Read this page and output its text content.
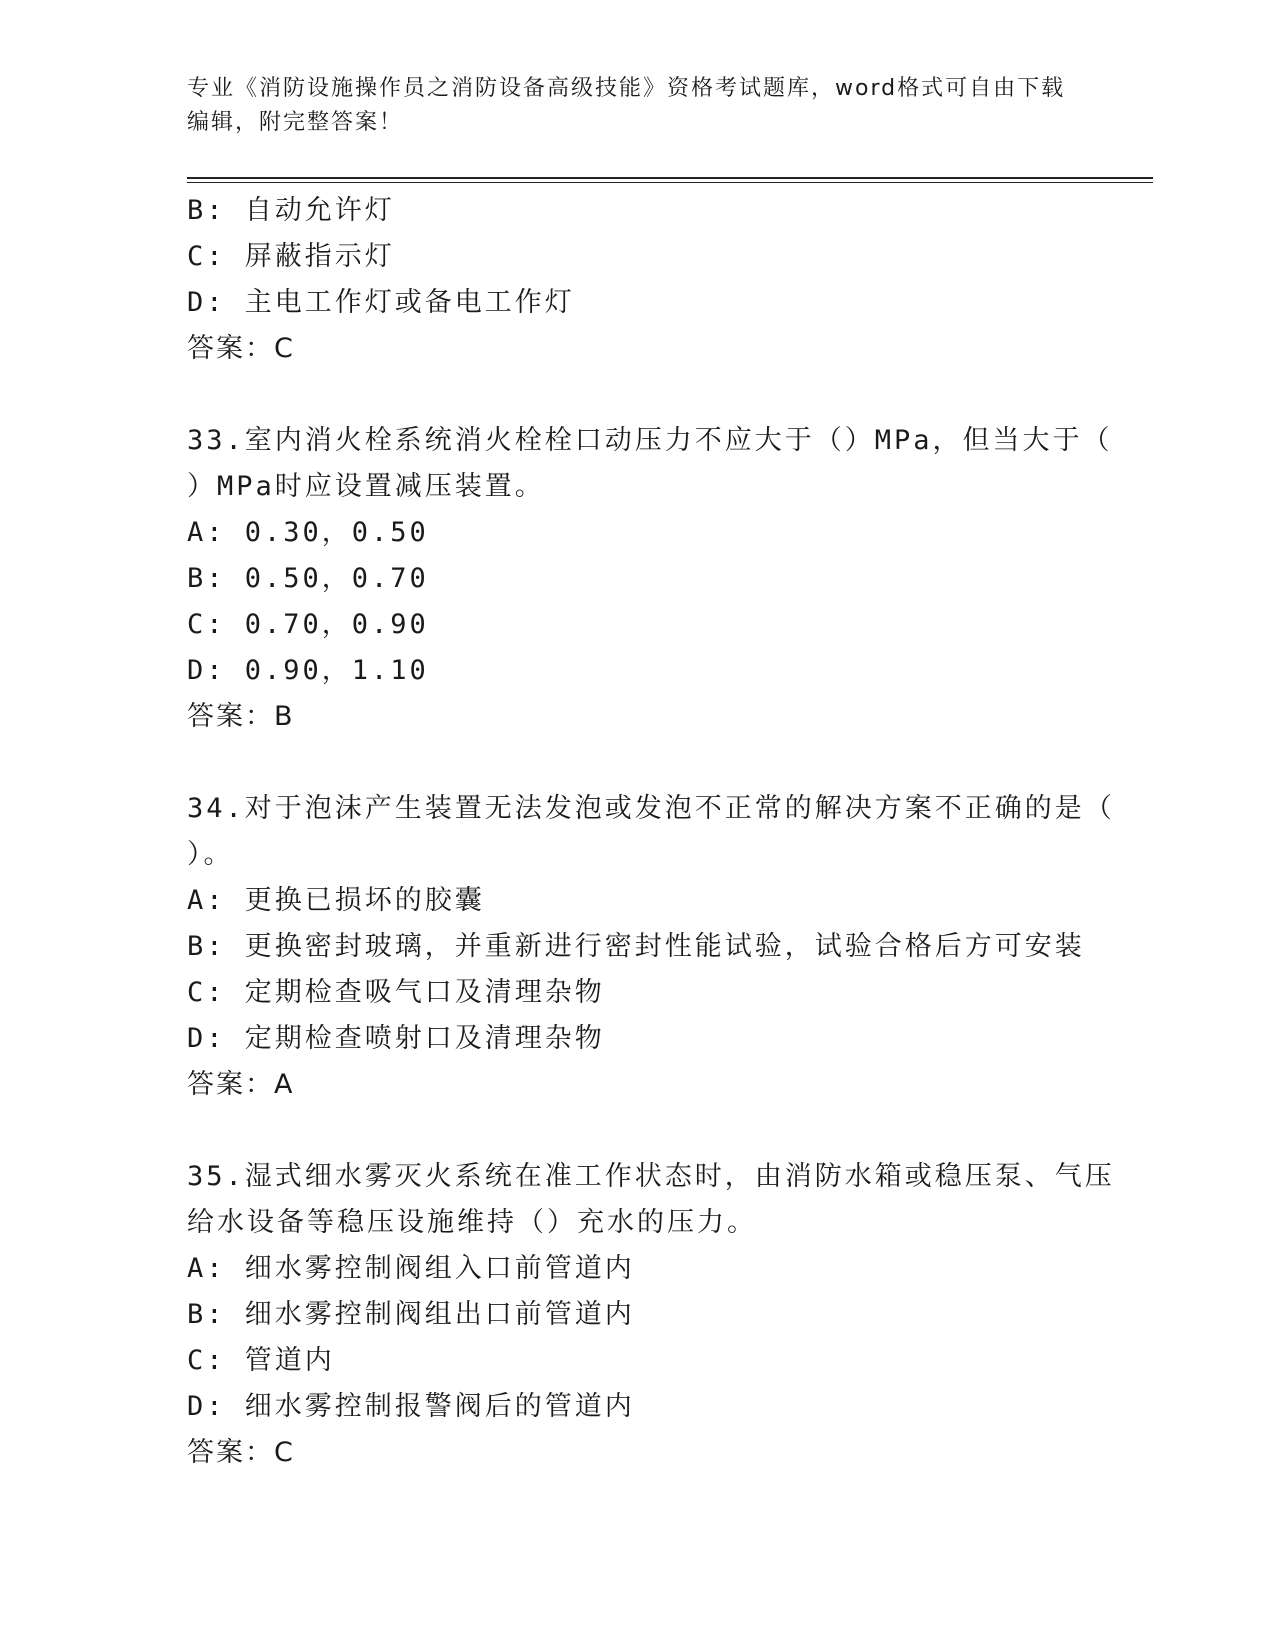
专业《消防设施操作员之消防设备高级技能》资格考试题库，word格式可自由下载编辑，附完整答案！

B: 自动允许灯
C: 屏蔽指示灯
D: 主电工作灯或备电工作灯
答案：C
33.室内消火栓系统消火栓栓口动压力不应大于（）MPa，但当大于（
）MPa时应设置减压装置。
A: 0.30，0.50
B: 0.50，0.70
C: 0.70，0.90
D: 0.90，1.10
答案：B
34.对于泡沫产生装置无法发泡或发泡不正常的解决方案不正确的是（
）。
A: 更换已损坏的胶囊
B: 更换密封玻璃，并重新进行密封性能试验，试验合格后方可安装
C: 定期检查吸气口及清理杂物
D: 定期检查喷射口及清理杂物
答案：A
35.湿式细水雾灭火系统在准工作状态时，由消防水箱或稳压泵、气压
给水设备等稳压设施维持（）充水的压力。
A: 细水雾控制阀组入口前管道内
B: 细水雾控制阀组出口前管道内
C: 管道内
D: 细水雾控制报警阀后的管道内
答案：C
